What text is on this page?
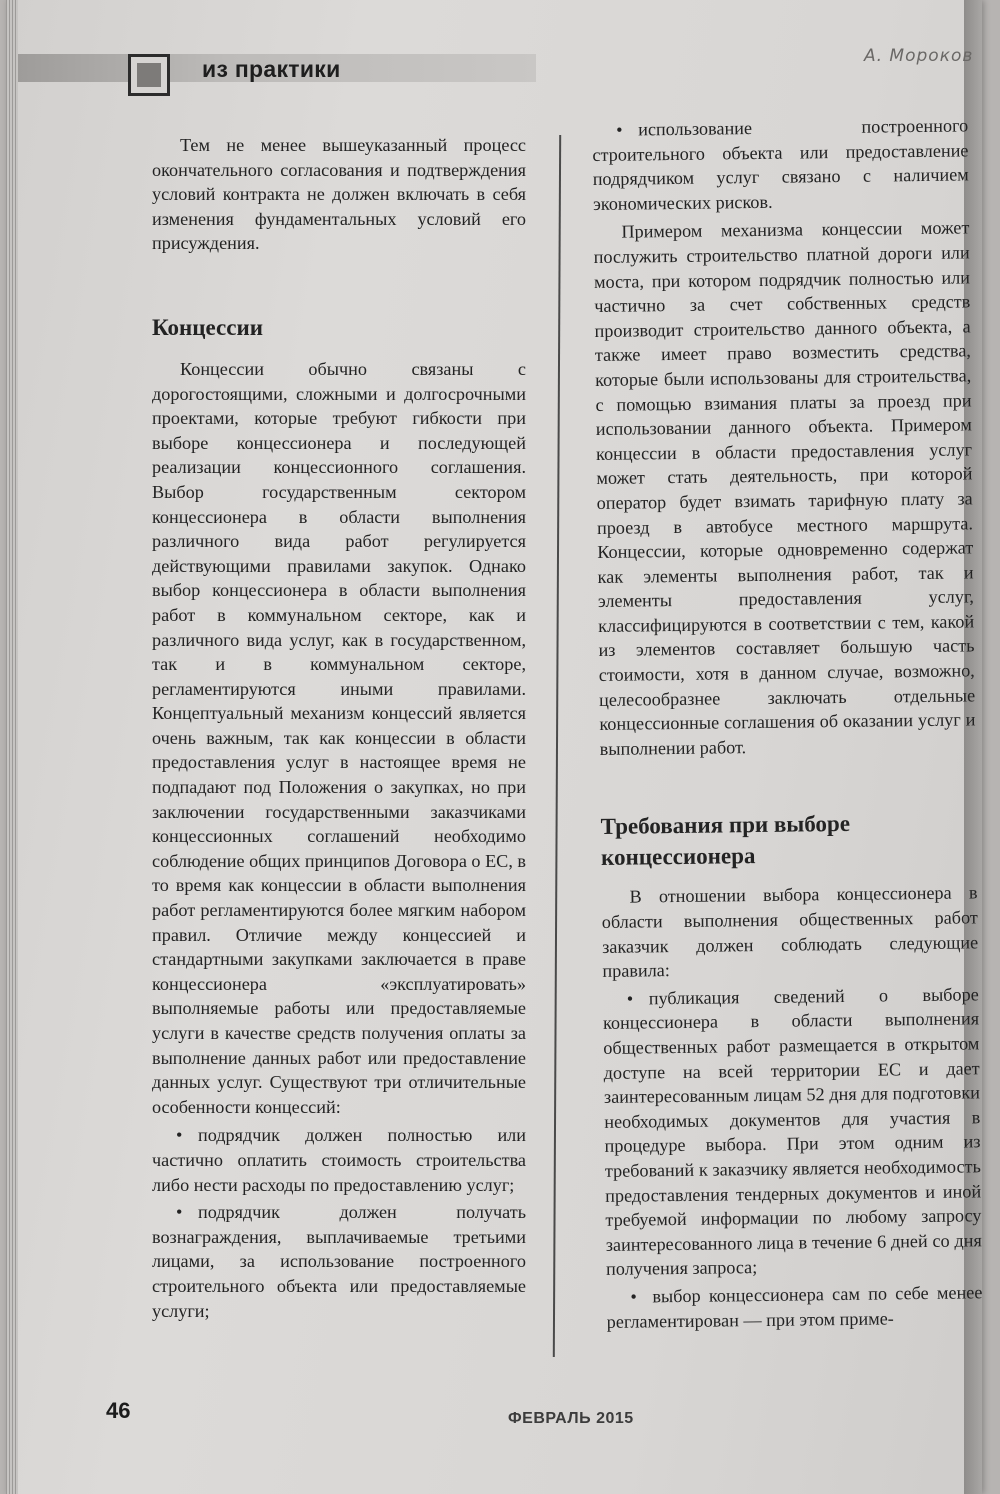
из практики	А. Мороков

Тем не менее вышеуказанный процесс окончательного согласования и подтверждения условий контракта не должен включать в себя изменения фундаментальных условий его присуждения.

Концессии

Концессии обычно связаны с дорогостоящими, сложными и долгосрочными проектами, которые требуют гибкости при выборе концессионера и последующей реализации концессионного соглашения. Выбор государственным сектором концессионера в области выполнения различного вида работ регулируется действующими правилами закупок. Однако выбор концессионера в области выполнения работ в коммунальном секторе, как и различного вида услуг, как в государственном, так и в коммунальном секторе, регламентируются иными правилами. Концептуальный механизм концессий является очень важным, так как концессии в области предоставления услуг в настоящее время не подпадают под Положения о закупках, но при заключении государственными заказчиками концессионных соглашений необходимо соблюдение общих принципов Договора о ЕС, в то время как концессии в области выполнения работ регламентируются более мягким набором правил. Отличие между концессией и стандартными закупками заключается в праве концессионера «эксплуатировать» выполняемые работы или предоставляемые услуги в качестве средств получения оплаты за выполнение данных работ или предоставление данных услуг. Существуют три отличительные особенности концессий:

• подрядчик должен полностью или частично оплатить стоимость строительства либо нести расходы по предоставлению услуг;

• подрядчик должен получать вознаграждения, выплачиваемые третьими лицами, за использование построенного строительного объекта или предоставляемые услуги;

• использование построенного строительного объекта или предоставление подрядчиком услуг связано с наличием экономических рисков.

Примером механизма концессии может послужить строительство платной дороги или моста, при котором подрядчик полностью или частично за счет собственных средств производит строительство данного объекта, а также имеет право возместить средства, которые были использованы для строительства, с помощью взимания платы за проезд при использовании данного объекта. Примером концессии в области предоставления услуг может стать деятельность, при которой оператор будет взимать тарифную плату за проезд в автобусе местного маршрута. Концессии, которые одновременно содержат как элементы выполнения работ, так и элементы предоставления услуг, классифицируются в соответствии с тем, какой из элементов составляет большую часть стоимости, хотя в данном случае, возможно, целесообразнее заключать отдельные концессионные соглашения об оказании услуг и выполнении работ.

Требования при выборе концессионера

В отношении выбора концессионера в области выполнения общественных работ заказчик должен соблюдать следующие правила:

• публикация сведений о выборе концессионера в области выполнения общественных работ размещается в открытом доступе на всей территории ЕС и дает заинтересованным лицам 52 дня для подготовки необходимых документов для участия в процедуре выбора. При этом одним из требований к заказчику является необходимость предоставления тендерных документов и иной требуемой информации по любому запросу заинтересованного лица в течение 6 дней со дня получения запроса;

• выбор концессионера сам по себе менее регламентирован — при этом приме-

46	ФЕВРАЛЬ 2015
